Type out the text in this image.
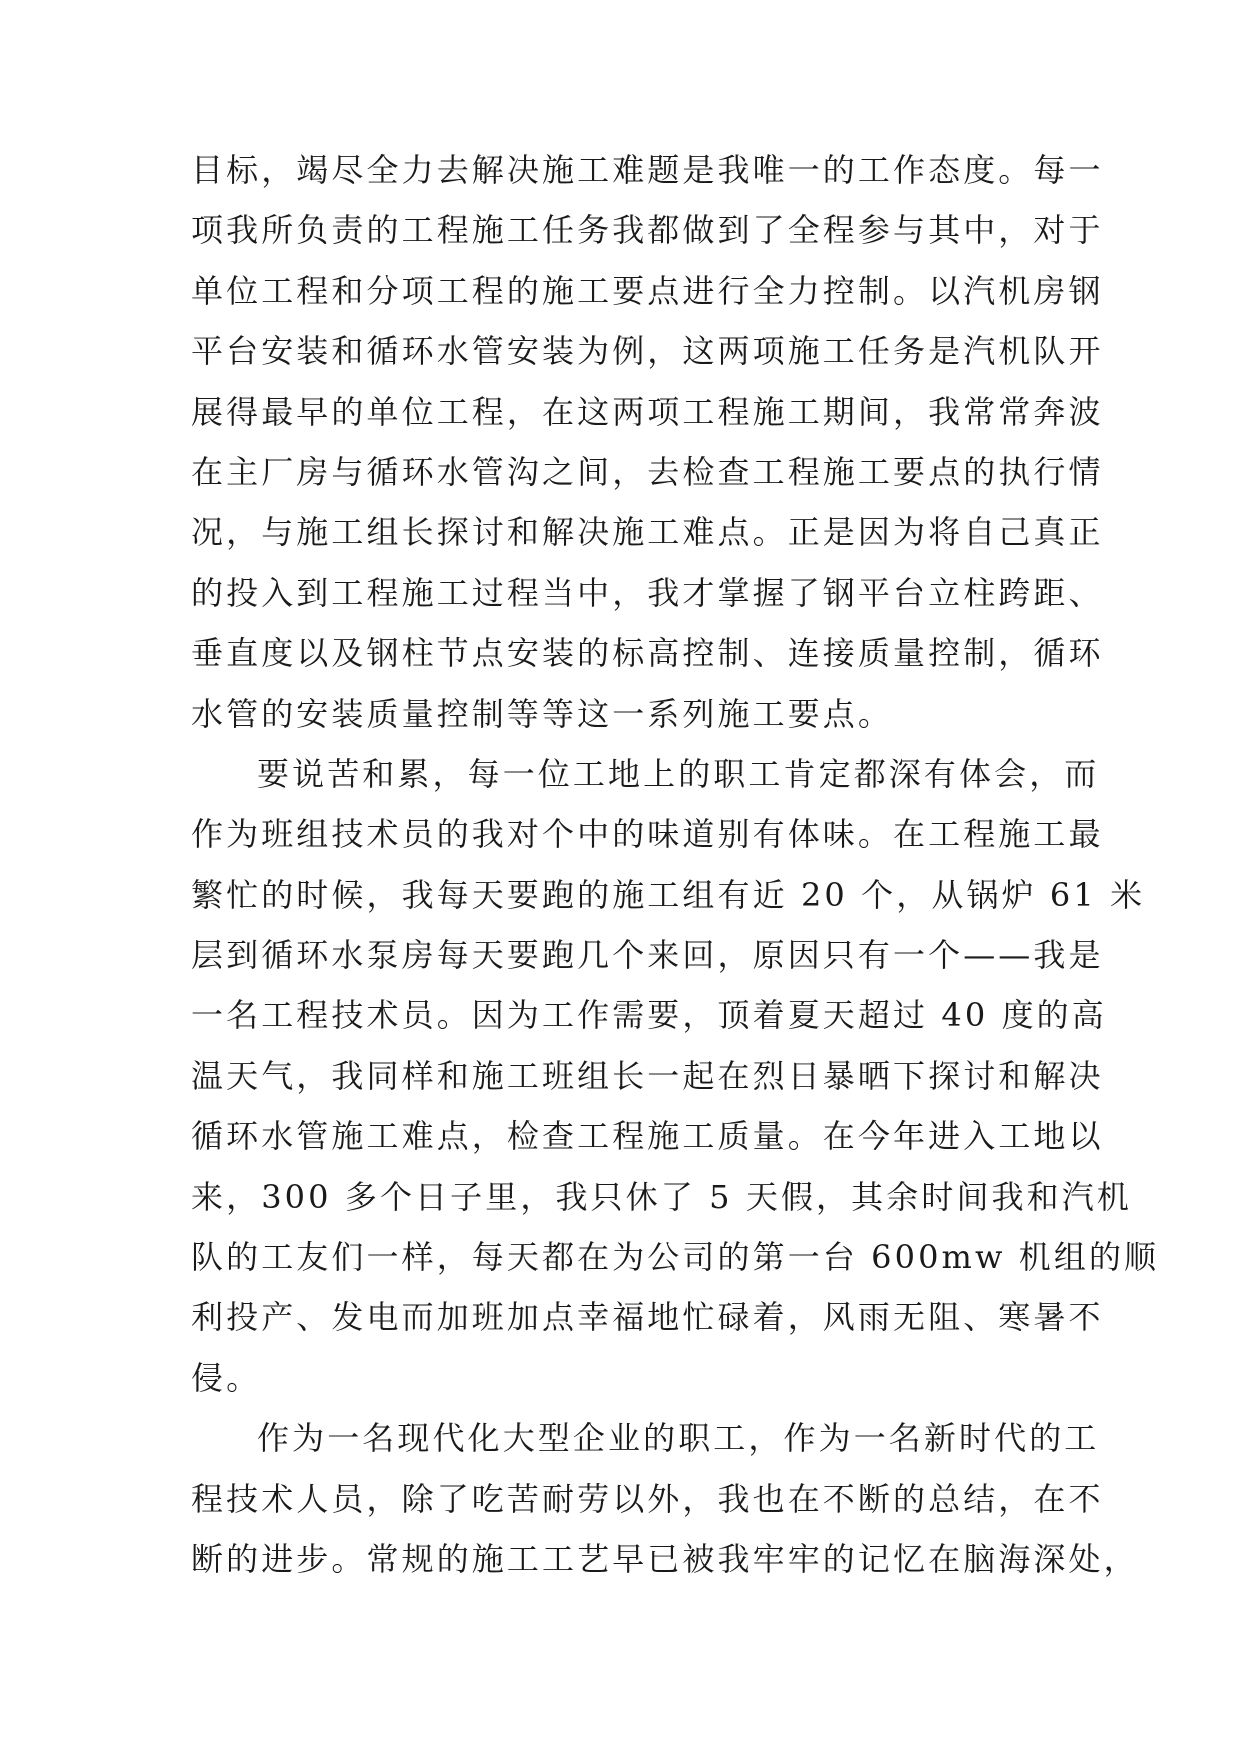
目标，竭尽全力去解决施工难题是我唯一的工作态度。每一
项我所负责的工程施工任务我都做到了全程参与其中，对于
单位工程和分项工程的施工要点进行全力控制。以汽机房钢
平台安装和循环水管安装为例，这两项施工任务是汽机队开
展得最早的单位工程，在这两项工程施工期间，我常常奔波
在主厂房与循环水管沟之间，去检查工程施工要点的执行情
况，与施工组长探讨和解决施工难点。正是因为将自己真正
的投入到工程施工过程当中，我才掌握了钢平台立柱跨距、
垂直度以及钢柱节点安装的标高控制、连接质量控制，循环
水管的安装质量控制等等这一系列施工要点。
要说苦和累，每一位工地上的职工肯定都深有体会，而
作为班组技术员的我对个中的味道别有体味。在工程施工最
繁忙的时候，我每天要跑的施工组有近 20 个，从锅炉 61 米
层到循环水泵房每天要跑几个来回，原因只有一个——我是
一名工程技术员。因为工作需要，顶着夏天超过 40 度的高
温天气，我同样和施工班组长一起在烈日暴晒下探讨和解决
循环水管施工难点，检查工程施工质量。在今年进入工地以
来，300 多个日子里，我只休了 5 天假，其余时间我和汽机
队的工友们一样，每天都在为公司的第一台 600mw 机组的顺
利投产、发电而加班加点幸福地忙碌着，风雨无阻、寒暑不
侵。
作为一名现代化大型企业的职工，作为一名新时代的工
程技术人员，除了吃苦耐劳以外，我也在不断的总结，在不
断的进步。常规的施工工艺早已被我牢牢的记忆在脑海深处，
